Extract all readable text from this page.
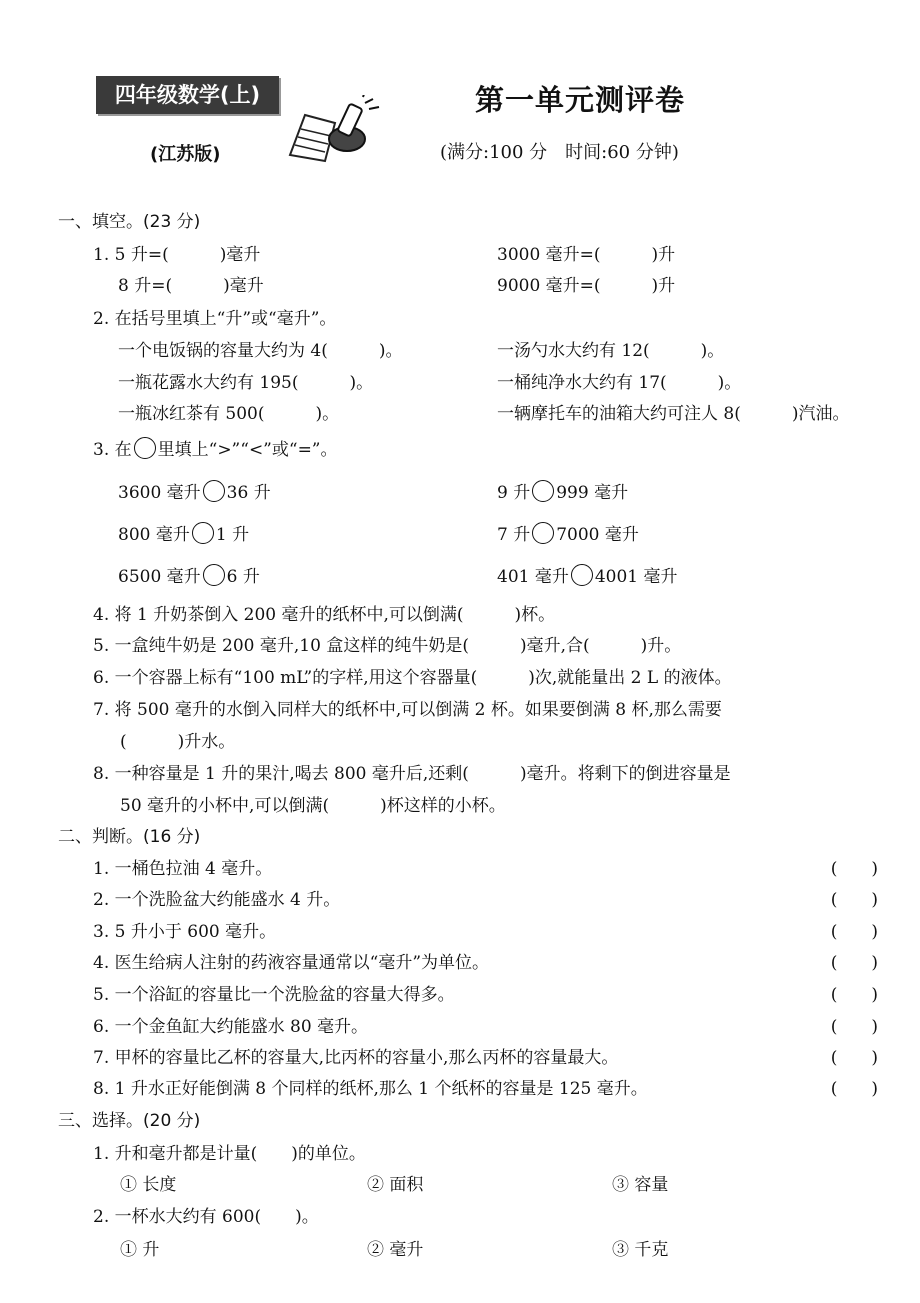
四年级数学(上)
(江苏版)
第一单元测评卷
(满分:100 分　时间:60 分钟)
一、填空。(23 分)
1. 5 升=(　　　)毫升	3000 毫升=(　　　)升
8 升=(　　　)毫升	9000 毫升=(　　　)升
2. 在括号里填上“升”或“毫升”。
一个电饭锅的容量大约为 4(　　　)。	一汤勺水大约有 12(　　　)。
一瓶花露水大约有 195(　　　)。	一桶纯净水大约有 17(　　　)。
一瓶冰红茶有 500(　　　)。	一辆摩托车的油箱大约可注人 8(　　　)汽油。
3. 在 里填上“>”“<”或“=”。
3600 毫升 36 升	9 升 999 毫升
800 毫升 1 升	7 升 7000 毫升
6500 毫升 6 升	401 毫升 4001 毫升
4. 将 1 升奶茶倒入 200 毫升的纸杯中,可以倒满(　　　)杯。
5. 一盒纯牛奶是 200 毫升,10 盒这样的纯牛奶是(　　　)毫升,合(　　　)升。
6. 一个容器上标有“100 mL”的字样,用这个容器量(　　　)次,就能量出 2 L 的液体。
7. 将 500 毫升的水倒入同样大的纸杯中,可以倒满 2 杯。如果要倒满 8 杯,那么需要
(　　　)升水。
8. 一种容量是 1 升的果汁,喝去 800 毫升后,还剩(　　　)毫升。将剩下的倒进容量是
50 毫升的小杯中,可以倒满(　　　)杯这样的小杯。
二、判断。(16 分)
1. 一桶色拉油 4 毫升。	(　　)
2. 一个洗脸盆大约能盛水 4 升。	(　　)
3. 5 升小于 600 毫升。	(　　)
4. 医生给病人注射的药液容量通常以“毫升”为单位。	(　　)
5. 一个浴缸的容量比一个洗脸盆的容量大得多。	(　　)
6. 一个金鱼缸大约能盛水 80 毫升。	(　　)
7. 甲杯的容量比乙杯的容量大,比丙杯的容量小,那么丙杯的容量最大。	(　　)
8. 1 升水正好能倒满 8 个同样的纸杯,那么 1 个纸杯的容量是 125 毫升。	(　　)
三、选择。(20 分)
1. 升和毫升都是计量(　　)的单位。
① 长度	② 面积	③ 容量
2. 一杯水大约有 600(　　)。
① 升	② 毫升	③ 千克
